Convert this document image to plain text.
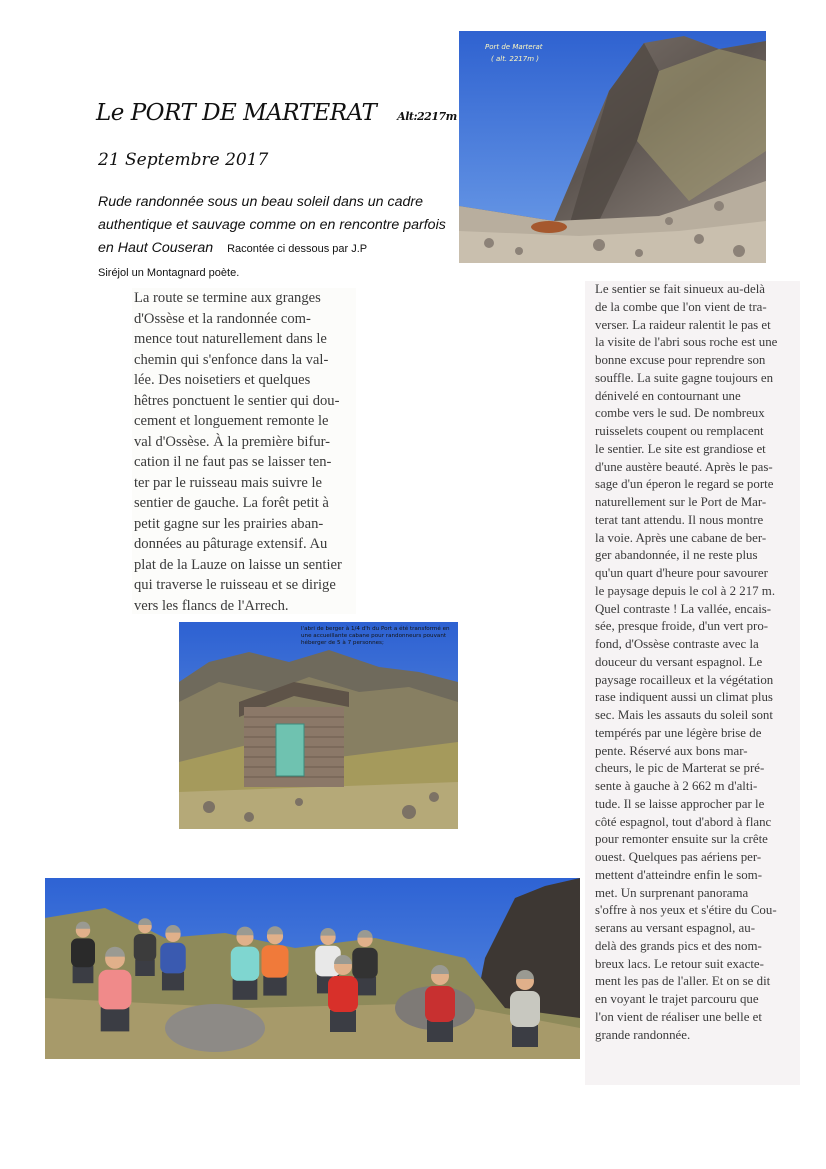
Le PORT DE MARTERAT Alt:2217m
21 Septembre 2017
Rude randonnée sous un beau soleil dans un cadre authentique et sauvage comme on en rencontre parfois en Haut Couseran Racontée ci dessous par J.P
Siréjol un Montagnard poète.
Port de Marterat
( alt. 2217m )
La route se termine aux granges
d'Ossèse et la randonnée com-
mence tout naturellement dans le
chemin qui s'enfonce dans la val-
lée. Des noisetiers et quelques
hêtres ponctuent le sentier qui dou-
cement et longuement remonte le
val d'Ossèse. À la première bifur-
cation il ne faut pas se laisser ten-
ter par le ruisseau mais suivre le
sentier de gauche. La forêt petit à
petit gagne sur les prairies aban-
données au pâturage extensif. Au
plat de la Lauze on laisse un sentier
qui traverse le ruisseau et se dirige
vers les flancs de l'Arrech.
Le sentier se fait sinueux au-delà
de la combe que l'on vient de tra-
verser. La raideur ralentit le pas et
la visite de l'abri sous roche est une
bonne excuse pour reprendre son
souffle. La suite gagne toujours en
dénivelé en contournant une
combe vers le sud. De nombreux
ruisselets coupent ou remplacent
le sentier. Le site est grandiose et
d'une austère beauté. Après le pas-
sage d'un éperon le regard se porte
naturellement sur le Port de Mar-
terat tant attendu. Il nous montre
la voie. Après une cabane de ber-
ger abandonnée, il ne reste plus
qu'un quart d'heure pour savourer
le paysage depuis le col à 2 217 m.
Quel contraste ! La vallée, encais-
sée, presque froide, d'un vert pro-
fond, d'Ossèse contraste avec la
douceur du versant espagnol. Le
paysage rocailleux et la végétation
rase indiquent aussi un climat plus
sec. Mais les assauts du soleil sont
tempérés par une légère brise de
pente. Réservé aux bons mar-
cheurs, le pic de Marterat se pré-
sente à gauche à 2 662 m d'alti-
tude. Il se laisse approcher par le
côté espagnol, tout d'abord à flanc
pour remonter ensuite sur la crête
ouest. Quelques pas aériens per-
mettent d'atteindre enfin le som-
met. Un surprenant panorama
s'offre à nos yeux et s'étire du Cou-
serans au versant espagnol, au-
delà des grands pics et des nom-
breux lacs. Le retour suit exacte-
ment les pas de l'aller. Et on se dit
en voyant le trajet parcouru que
l'on vient de réaliser une belle et
grande randonnée.
l'abri de berger à 1/4 d'h du Port a été transformé en une accueillante cabane pour randonneurs pouvant héberger de 5 à 7 personnes;
